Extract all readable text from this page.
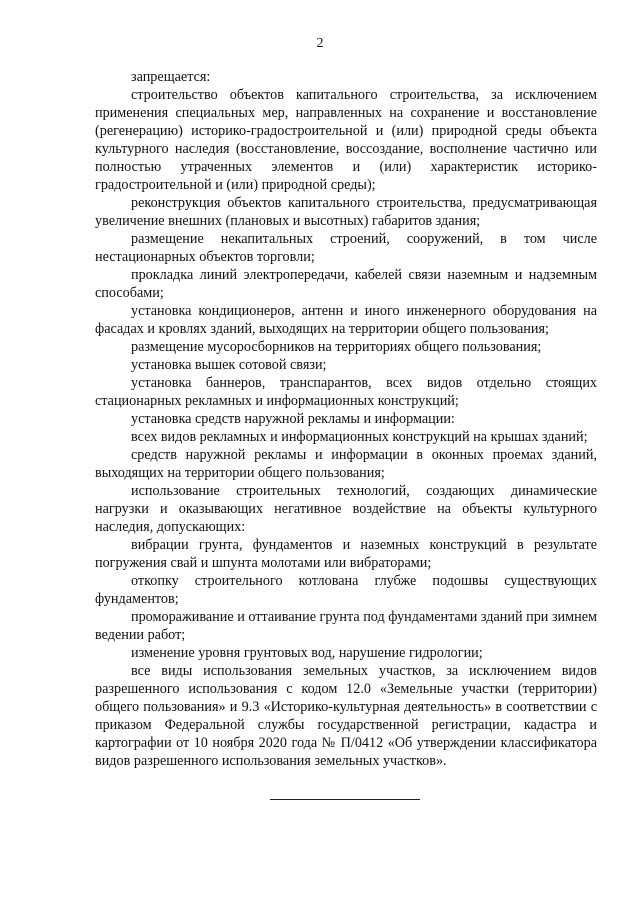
2

запрещается:

строительство объектов капитального строительства, за исключением применения специальных мер, направленных на сохранение и восстановление (регенерацию) историко-градостроительной и (или) природной среды объекта культурного наследия (восстановление, воссоздание, восполнение частично или полностью утраченных элементов и (или) характеристик историко-градостроительной и (или) природной среды);

реконструкция объектов капитального строительства, предусматривающая увеличение внешних (плановых и высотных) габаритов здания;

размещение некапитальных строений, сооружений, в том числе нестационарных объектов торговли;

прокладка линий электропередачи, кабелей связи наземным и надземным способами;

установка кондиционеров, антенн и иного инженерного оборудования на фасадах и кровлях зданий, выходящих на территории общего пользования;

размещение мусоросборников на территориях общего пользования;

установка вышек сотовой связи;

установка баннеров, транспарантов, всех видов отдельно стоящих стационарных рекламных и информационных конструкций;

установка средств наружной рекламы и информации:

всех видов рекламных и информационных конструкций на крышах зданий;

средств наружной рекламы и информации в оконных проемах зданий, выходящих на территории общего пользования;

использование строительных технологий, создающих динамические нагрузки и оказывающих негативное воздействие на объекты культурного наследия, допускающих:

вибрации грунта, фундаментов и наземных конструкций в результате погружения свай и шпунта молотами или вибраторами;

откопку строительного котлована глубже подошвы существующих фундаментов;

промораживание и оттаивание грунта под фундаментами зданий при зимнем ведении работ;

изменение уровня грунтовых вод, нарушение гидрологии;

все виды использования земельных участков, за исключением видов разрешенного использования с кодом 12.0 «Земельные участки (территории) общего пользования» и 9.3 «Историко-культурная деятельность» в соответствии с приказом Федеральной службы государственной регистрации, кадастра и картографии от 10 ноября 2020 года № П/0412 «Об утверждении классификатора видов разрешенного использования земельных участков».
